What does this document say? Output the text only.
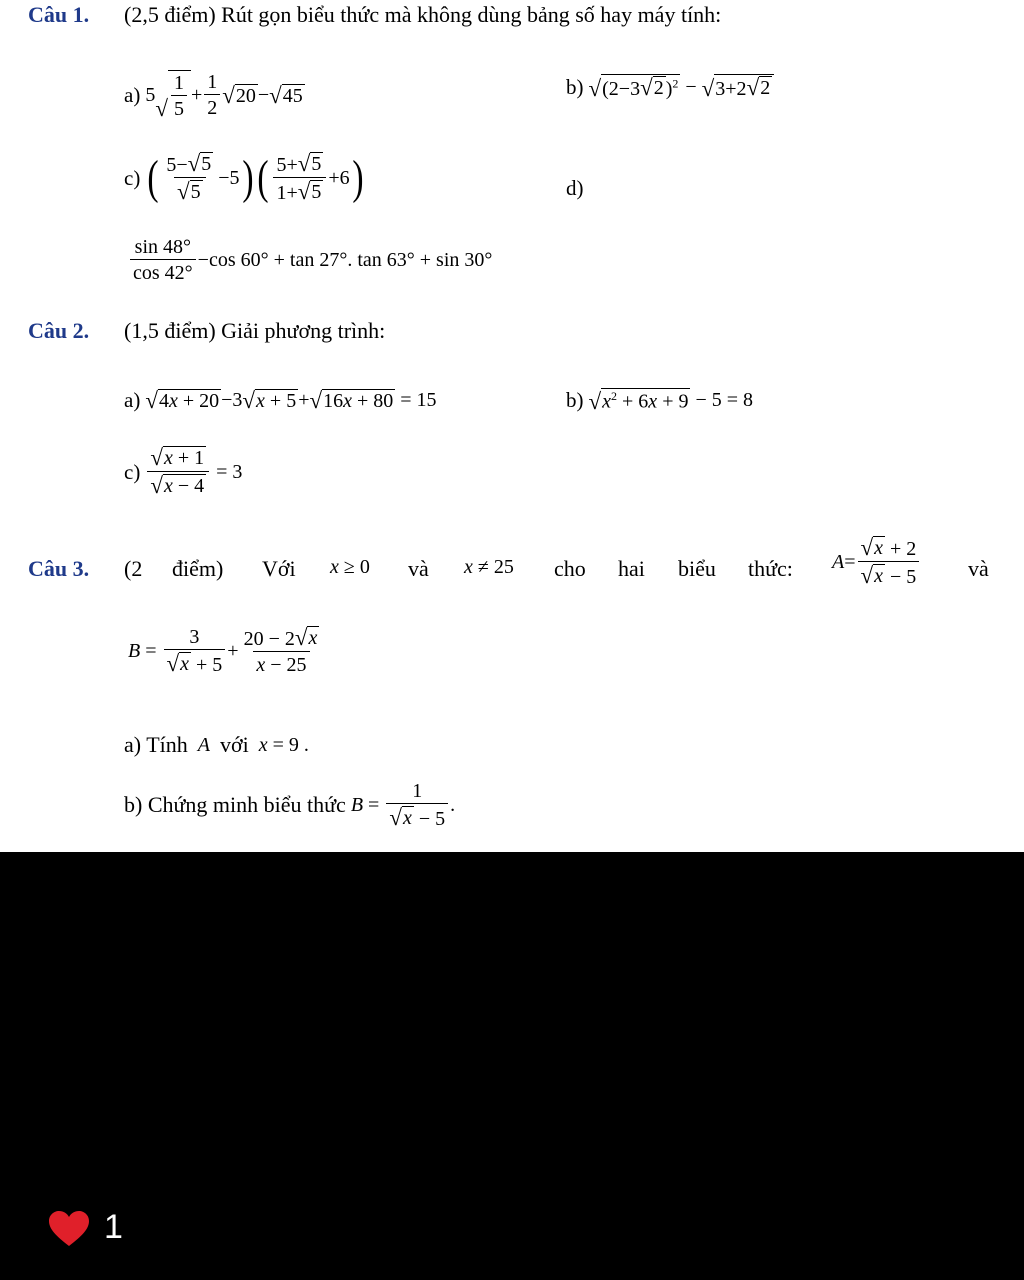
Câu 1. (2,5 điểm) Rút gọn biểu thức mà không dùng bảng số hay máy tính:
a) 5
√ $\frac{1}{5} + \frac{1}{2}$ √ 20 − √ 45	b)
√ (2−3 √ 2 )$^2$ − √ 3+2 √ 2
c)
( $\frac{5- √ 5}{√ 5} -5$ ) ( $\frac{5+ √ 5}{1+ √ 5} +6$ )	d)
$\frac{\sin 48^\circ}{\cos 42^\circ} -\cos$ 60° + tan 27°. tan 63° + sin 30°
Câu 2. (1,5 điểm) Giải phương trình:
a)
√ 4x + 20 −3 √ x + 5 + √ 16x + 80 = 15	b)
√ $x^2 + 6x + 9 - 5 = 8$
c)
$\frac{√ x + 1}{√ x - 4} = 3$
Câu 3. (2 điểm) Với x ≥ 0 và x ≠ 25 cho hai biểu thức: $A = \frac{√ x + 2}{√ x - 5}$ và
$B = \frac{3}{√ x + 5} + \frac{20 - 2 √ x}{x - 25}$
a) Tính
A
với
x = 9 .
b) Chứng minh biểu thức
$B = \frac{1}{√ x - 5}$ .
1
